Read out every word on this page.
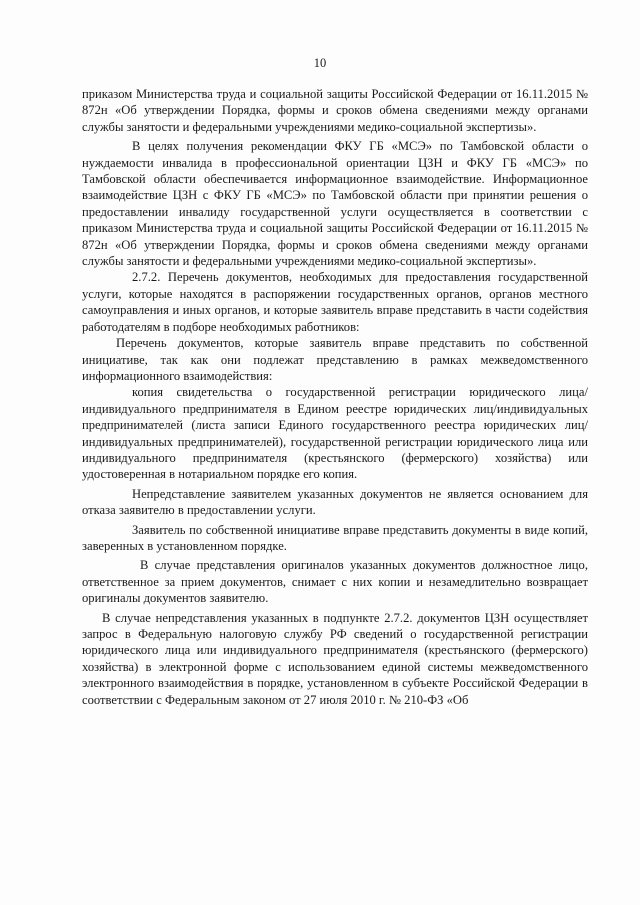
10

приказом Министерства труда и социальной защиты Российской Федерации от 16.11.2015 № 872н «Об утверждении Порядка, формы и сроков обмена сведениями между органами службы занятости и федеральными учреждениями медико-социальной экспертизы».

В целях получения рекомендации ФКУ ГБ «МСЭ» по Тамбовской области о нуждаемости инвалида в профессиональной ориентации ЦЗН и ФКУ ГБ «МСЭ» по Тамбовской области обеспечивается информационное взаимодействие. Информационное взаимодействие ЦЗН с ФКУ ГБ «МСЭ» по Тамбовской области при принятии решения о предоставлении инвалиду государственной услуги осуществляется в соответствии с приказом Министерства труда и социальной защиты Российской Федерации от 16.11.2015 № 872н «Об утверждении Порядка, формы и сроков обмена сведениями между органами службы занятости и федеральными учреждениями медико-социальной экспертизы».

2.7.2. Перечень документов, необходимых для предоставления государственной услуги, которые находятся в распоряжении государственных органов, органов местного самоуправления и иных органов, и которые заявитель вправе представить в части содействия работодателям в подборе необходимых работников:

Перечень документов, которые заявитель вправе представить по собственной инициативе, так как они подлежат представлению в рамках межведомственного информационного взаимодействия:

копия свидетельства о государственной регистрации юридического лица/индивидуального предпринимателя в Едином реестре юридических лиц/индивидуальных предпринимателей (листа записи Единого государственного реестра юридических лиц/индивидуальных предпринимателей), государственной регистрации юридического лица или индивидуального предпринимателя (крестьянского (фермерского) хозяйства) или удостоверенная в нотариальном порядке его копия.

Непредставление заявителем указанных документов не является основанием для отказа заявителю в предоставлении услуги.

Заявитель по собственной инициативе вправе представить документы в виде копий, заверенных в установленном порядке.

В случае представления оригиналов указанных документов должностное лицо, ответственное за прием документов, снимает с них копии и незамедлительно возвращает оригиналы документов заявителю.

В случае непредставления указанных в подпункте 2.7.2. документов ЦЗН осуществляет запрос в Федеральную налоговую службу РФ сведений о государственной регистрации юридического лица или индивидуального предпринимателя (крестьянского (фермерского) хозяйства) в электронной форме с использованием единой системы межведомственного электронного взаимодействия в порядке, установленном в субъекте Российской Федерации в соответствии с Федеральным законом от 27 июля 2010 г. № 210-ФЗ «Об
